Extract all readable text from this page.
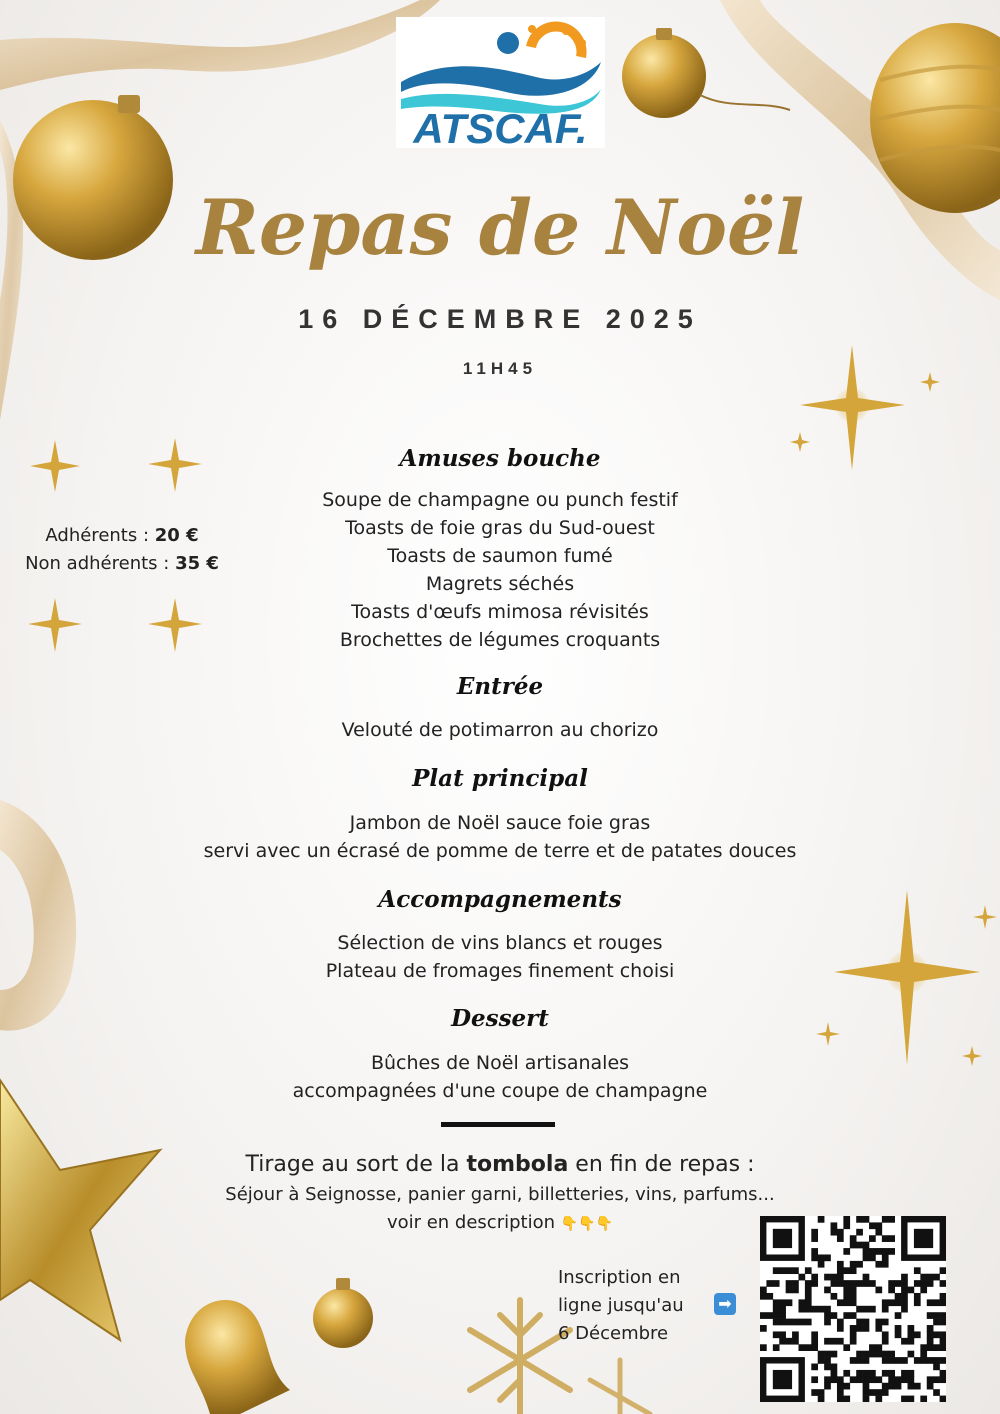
ATSCAF.
Repas de Noël
16 DÉCEMBRE 2025
11H45
Adhérents : 20 €
Non adhérents : 35 €
Amuses bouche
Soupe de champagne ou punch festif
Toasts de foie gras du Sud-ouest
Toasts de saumon fumé
Magrets séchés
Toasts d'œufs mimosa révisités
Brochettes de légumes croquants
Entrée
Velouté de potimarron au chorizo
Plat principal
Jambon de Noël sauce foie gras
servi avec un écrasé de pomme de terre et de patates douces
Accompagnements
Sélection de vins blancs et rouges
Plateau de fromages finement choisi
Dessert
Bûches de Noël artisanales
accompagnées d'une coupe de champagne
Tirage au sort de la tombola en fin de repas :
Séjour à Seignosse, panier garni, billetteries, vins, parfums...
voir en description 👇👇👇
Inscription en
ligne jusqu'au
6 Décembre
➡
